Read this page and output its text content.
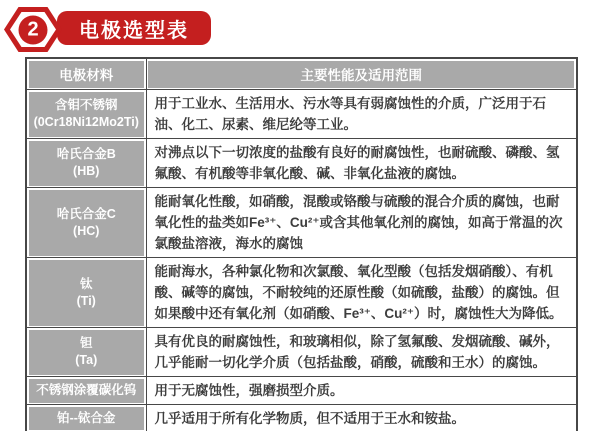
2	电极选型表
电极材料	主要性能及适用范围

含钼不锈钢
(0Cr18Ni12Mo2Ti)	用于工业水、生活用水、污水等具有弱腐蚀性的介质，广泛用于石油、化工、尿素、维尼纶等工业。

哈氏合金B
(HB)	对沸点以下一切浓度的盐酸有良好的耐腐蚀性，也耐硫酸、磷酸、氢氟酸、有机酸等非氧化酸、碱、非氧化盐液的腐蚀。

哈氏合金C
(HC)	能耐氧化性酸，如硝酸，混酸或铬酸与硫酸的混合介质的腐蚀，也耐氧化性的盐类如Fe³⁺、Cu²⁺或含其他氧化剂的腐蚀，如高于常温的次氯酸盐溶液，海水的腐蚀

钛
(Ti)	能耐海水，各种氯化物和次氯酸、氧化型酸（包括发烟硝酸）、有机酸、碱等的腐蚀，不耐较纯的还原性酸（如硫酸，盐酸）的腐蚀。但如果酸中还有氧化剂（如硝酸、Fe³⁺、Cu²⁺）时，腐蚀性大为降低。

钽
(Ta)	具有优良的耐腐蚀性，和玻璃相似，除了氢氟酸、发烟硫酸、碱外，几乎能耐一切化学介质（包括盐酸，硝酸，硫酸和王水）的腐蚀。

不锈钢涂覆碳化钨	用于无腐蚀性，强磨损型介质。

铂--铱合金	几乎适用于所有化学物质，但不适用于王水和铵盐。
